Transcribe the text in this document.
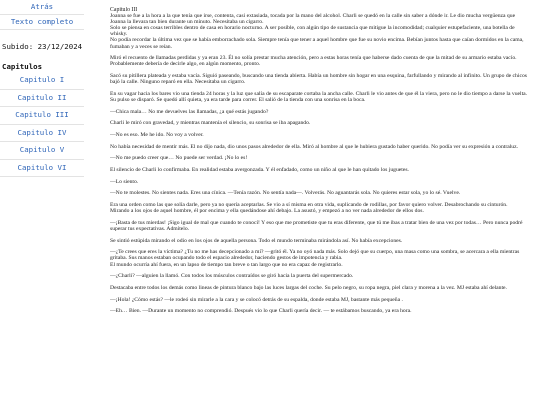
Atrás
Texto completo
Subido: 23/12/2024
Capitulos
Capitulo I
Capitulo II
Capitulo III
Capitulo IV
Capitulo V
Capitulo VI
Capitulo III

Joanna se fue a la hora a la que tenía que irse, contenta, casi extasiada, tocada por la mano del alcohol. Charli se quedó en la calle sin saber a dónde ir. Le dio mucha vergüenza que Joanna la llevara tan bien durante un minuto. Necesitaba un cigarro.
Solo se piensa en cosas terribles dentro de casa en horario nocturno. A ser posible, con algún tipo de sustancia que mitigue la incomodidad; cualquier estupefaciente, una botella de whisky.
No podía recordar la última vez que se había emborrachado sola. Siempre tenía que tener a aquel hombre que fue su novio encima. Bebían juntos hasta que caían dormidos en la cama, fumaban y a veces se reían.

Miró el recuento de llamadas perdidas y ya eran 23. Él no solía prestar mucha atención, pero a estas horas tenía que haberse dado cuenta de que la mitad de su armario estaba vacío. Probablemente debería de decirle algo, en algún momento, pronto.

Sacó su pitillera plateada y estaba vacía. Siguió paseando, buscando una tienda abierta. Había un hombre sin hogar en una esquina, farfullando y mirando al infinito. Un grupo de chicos bajó la calle. Ninguno reparó en ella. Necesitaba un cigarro.

En su vagar hacia los bares vio una tienda 24 horas y la luz que salía de su escaparate cortaba la ancha calle. Charli le vio antes de que él la viera, pero no le dio tiempo a darse la vuelta. Su pulso se disparó. Se quedó allí quieta, ya era tarde para correr. El salió de la tienda con una sonrisa en la boca.

—Chica mala… No me devuelves las llamadas, ¿a qué estás jugando?

Charli le miró con gravedad, y mientras mantenía el silencio, su sonrisa se iba apagando.

—No es eso. Me he ido. No voy a volver.

No había necesidad de mentir más. El no dijo nada, dio unos pasos alrededor de ella. Miró al hombre al que le hubiera gustado haber querido. No podía ver su expresión a contraluz.

—No me puedo creer que… No puede ser verdad. ¡No lo es!

El silencio de Charli lo confirmaba. En realidad estaba avergonzada. Y él enfadado, como un niño al que le han quitado los juguetes.

—Lo siento.

—No te molestes. No sientes nada. Eres una cínica. —Tenía razón. No sentía nada—. Volverás. No aguantarás sola. No quieres estar sola, yo lo sé. Vuelve.

Era una orden como las que solía darle, pero ya no quería aceptarlas. Se vio a sí misma en otra vida, suplicando de rodillas, por favor quiero volver. Desabrochando su cinturón. Mirando a los ojos de aquel hombre, él por encima y ella quedándose ahí debajo. La asustó, y empezó a no ver nada alrededor de ellos dos.

—¡Basta de tus mierdas! ¡Sigo igual de mal que cuando te conocí! Y eso que me prometiste que tu eras diferente, que tú me ibas a tratar bien de una vez por todas… Pero nunca podré superar tus expectativas. Admítelo.

Se sintió estúpida mirando el odio en los ojos de aquella persona. Todo el mundo terminaba mirándola así. No había excepciones.

—¿Te crees que eres la víctima? ¿Tu no me has decepcionado a mí? —gritó él. Ya no oyó nada más. Solo dejó que su cuerpo, una masa como una sombra, se acercara a ella mientras gritaba. Sus manos estaban ocupando todo el espacio alrededor, haciendo gestos de impotencia y rabia.
El mundo ocurría ahí fuera, en un lapso de tiempo tan breve o tan largo que no era capaz de registrarlo.

—¿Charli? —alguien la llamó. Con todos los músculos contraídos se giró hacia la puerta del supermercado.

Destacaba entre todos los demás como lineas de pintura blanco bajo las luces largas del coche. Su pelo negro, su ropa negra, piel clara y morena a la vez. MJ estaba ahí delante.

—¡Hola! ¿Cómo estás? —le rodeó sin mirarle a la cara y se colocó detrás de su espalda, donde estaba MJ, bastante más pequeña .

—Eh… Bien. —Durante un momento no comprendió. Después vio lo que Charli quería decir. — te estábamos buscando, ya era hora.
